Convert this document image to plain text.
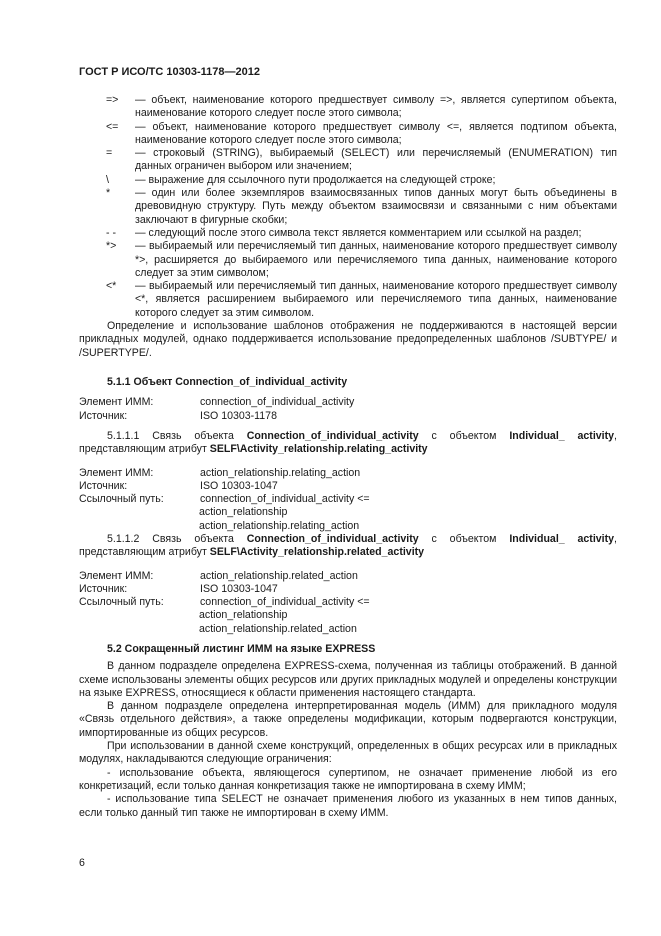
ГОСТ Р ИСО/ТС 10303-1178—2012
=> — объект, наименование которого предшествует символу =>, является супертипом объекта, наименование которого следует после этого символа;
<= — объект, наименование которого предшествует символу <=, является подтипом объекта, наименование которого следует после этого символа;
= — строковый (STRING), выбираемый (SELECT) или перечисляемый (ENUMERATION) тип данных ограничен выбором или значением;
\ — выражение для ссылочного пути продолжается на следующей строке;
* — один или более экземпляров взаимосвязанных типов данных могут быть объединены в древовидную структуру. Путь между объектом взаимосвязи и связанными с ним объектами заключают в фигурные скобки;
- - — следующий после этого символа текст является комментарием или ссылкой на раздел;
*> — выбираемый или перечисляемый тип данных, наименование которого предшествует символу *>, расширяется до выбираемого или перечисляемого типа данных, наименование которого следует за этим символом;
<* — выбираемый или перечисляемый тип данных, наименование которого предшествует символу <*, является расширением выбираемого или перечисляемого типа данных, наименование которого следует за этим символом.
Определение и использование шаблонов отображения не поддерживаются в настоящей версии прикладных модулей, однако поддерживается использование предопределенных шаблонов /SUBTYPE/ и /SUPERTYPE/.
5.1.1 Объект Connection_of_individual_activity
Элемент ИММ:	connection_of_individual_activity
Источник:	ISO 10303-1178
5.1.1.1 Связь объекта Connection_of_individual_activity с объектом Individual_ activity, представляющим атрибут SELF\Activity_relationship.relating_activity
Элемент ИММ:	action_relationship.relating_action
Источник:	ISO 10303-1047
Ссылочный путь:	connection_of_individual_activity <=
action_relationship
action_relationship.relating_action
5.1.1.2 Связь объекта Connection_of_individual_activity с объектом Individual_ activity, представляющим атрибут SELF\Activity_relationship.related_activity
Элемент ИММ:	action_relationship.related_action
Источник:	ISO 10303-1047
Ссылочный путь:	connection_of_individual_activity <=
action_relationship
action_relationship.related_action
5.2 Сокращенный листинг ИММ на языке EXPRESS
В данном подразделе определена EXPRESS-схема, полученная из таблицы отображений. В данной схеме использованы элементы общих ресурсов или других прикладных модулей и определены конструкции на языке EXPRESS, относящиеся к области применения настоящего стандарта.
В данном подразделе определена интерпретированная модель (ИММ) для прикладного модуля «Связь отдельного действия», а также определены модификации, которым подвергаются конструкции, импортированные из общих ресурсов.
При использовании в данной схеме конструкций, определенных в общих ресурсах или в прикладных модулях, накладываются следующие ограничения:
- использование объекта, являющегося супертипом, не означает применение любой из его конкретизаций, если только данная конкретизация также не импортирована в схему ИММ;
- использование типа SELECT не означает применения любого из указанных в нем типов данных, если только данный тип также не импортирован в схему ИММ.
6
